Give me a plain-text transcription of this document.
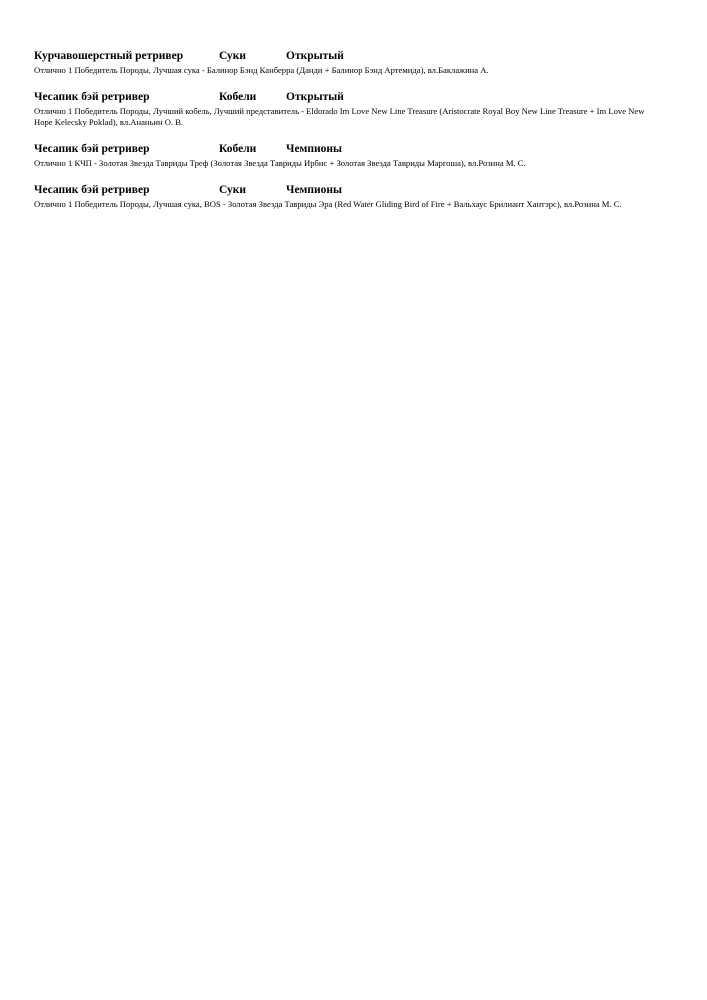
Курчавошерстный ретривер	Суки	Открытый
Отлично 1 Победитель Породы, Лучшая сука - Балинор Бэнд Канберра (Данди + Балинор Бэнд Артемида), вл.Баклажина А.
Чесапик бэй ретривер	Кобели	Открытый
Отлично 1 Победитель Породы, Лучший кобель, Лучший представитель - Eldorado Im Love New Line Treasure (Aristocrate Royal Boy New Line Treasure + Im Love New Hope Kelecsky Poklad), вл.Ананьин О. В.
Чесапик бэй ретривер	Кобели	Чемпионы
Отлично 1 КЧП - Золотая Звезда Тавриды Треф (Золотая Звезда Тавриды Ирбис + Золотая Звезда Тавриды Маргоша), вл.Розина М. С.
Чесапик бэй ретривер	Суки	Чемпионы
Отлично 1 Победитель Породы, Лучшая сука, BOS - Золотая Звезда Тавриды Эра (Red Water Gliding Bird of Fire + Вальхаус Брилиант Хантэрс), вл.Розина М. С.
